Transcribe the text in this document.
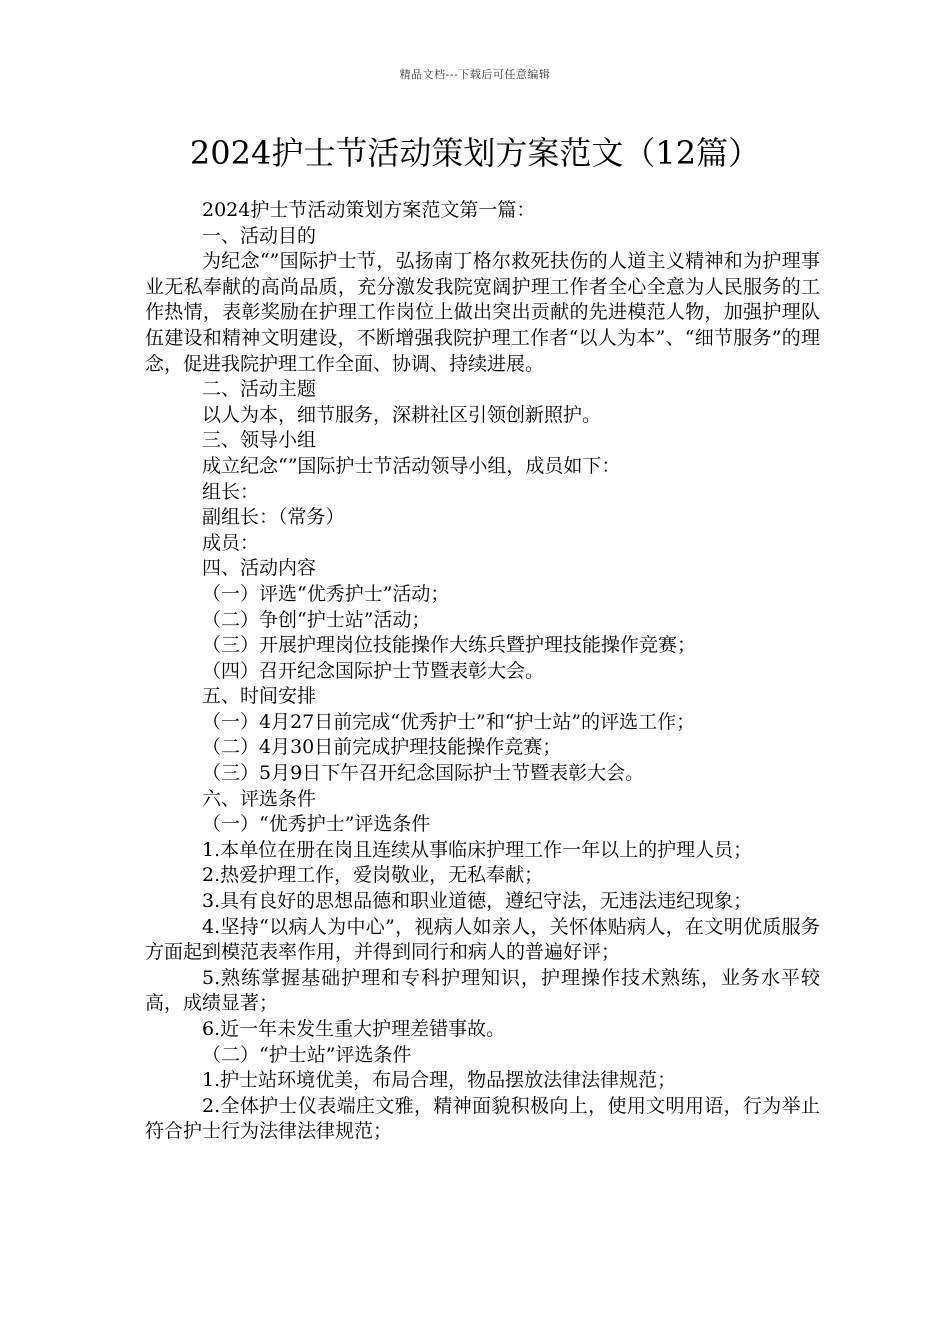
精品文档---下载后可任意编辑
2024护士节活动策划方案范文（12篇）

2024护士节活动策划方案范文第一篇：

一、活动目的

为纪念“”国际护士节，弘扬南丁格尔救死扶伤的人道主义精神和为护理事业无私奉献的高尚品质，充分激发我院宽阔护理工作者全心全意为人民服务的工作热情，表彰奖励在护理工作岗位上做出突出贡献的先进模范人物，加强护理队伍建设和精神文明建设，不断增强我院护理工作者“以人为本”、“细节服务”的理念，促进我院护理工作全面、协调、持续进展。

二、活动主题

以人为本，细节服务，深耕社区引领创新照护。

三、领导小组

成立纪念“”国际护士节活动领导小组，成员如下：

组长：

副组长：（常务）

成员：

四、活动内容

（一）评选“优秀护士”活动；

（二）争创“护士站”活动；

（三）开展护理岗位技能操作大练兵暨护理技能操作竞赛；

（四）召开纪念国际护士节暨表彰大会。

五、时间安排

（一）4月27日前完成“优秀护士”和“护士站”的评选工作；

（二）4月30日前完成护理技能操作竞赛；

（三）5月9日下午召开纪念国际护士节暨表彰大会。

六、评选条件

（一）“优秀护士”评选条件

1.本单位在册在岗且连续从事临床护理工作一年以上的护理人员；

2.热爱护理工作，爱岗敬业，无私奉献；

3.具有良好的思想品德和职业道德，遵纪守法，无违法违纪现象；

4.坚持“以病人为中心”，视病人如亲人，关怀体贴病人，在文明优质服务方面起到模范表率作用，并得到同行和病人的普遍好评；

5.熟练掌握基础护理和专科护理知识，护理操作技术熟练，业务水平较高，成绩显著；

6.近一年未发生重大护理差错事故。

（二）“护士站”评选条件

1.护士站环境优美，布局合理，物品摆放法律法律规范；

2.全体护士仪表端庄文雅，精神面貌积极向上，使用文明用语，行为举止符合护士行为法律法律规范；
